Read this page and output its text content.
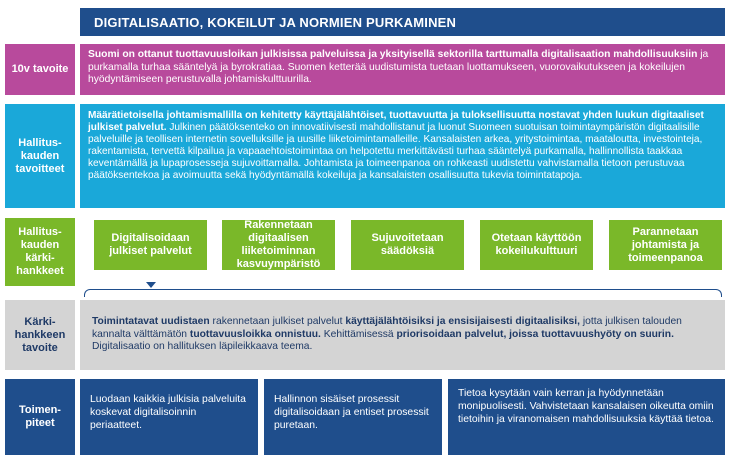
DIGITALISAATIO, KOKEILUT JA NORMIEN PURKAMINEN
10v tavoite
Suomi on ottanut tuottavuusloikan julkisissa palveluissa ja yksityisellä sektorilla tarttumalla digitalisaation mahdollisuuksiin ja purkamalla turhaa sääntelyä ja byrokratiaa. Suomen ketterää uudistumista tuetaan luottamukseen, vuorovaikutukseen ja kokeilujen hyödyntämiseen perustuvalla johtamiskulttuurilla.
Hallitus-kauden tavoitteet
Määrätietoisella johtamismallilla on kehitetty käyttäjälähtöiset, tuottavuutta ja tuloksellisuutta nostavat yhden luukun digitaaliset julkiset palvelut. Julkinen päätöksenteko on innovatiivisesti mahdollistanut ja luonut Suomeen suotuisan toimintaympäristön digitaalisille palveluille ja teollisen internetin sovelluksille ja uusille liiketoimintamalleille. Kansalaisten arkea, yritystoimintaa, maataloutta, investointeja, rakentamista, tervettä kilpailua ja vapaaehtoistoimintaa on helpotettu merkittävästi turhaa sääntelyä purkamalla, hallinnollista taakkaa keventämällä ja lupaprosesseja sujuvoittamalla. Johtamista ja toimeenpanoa on rohkeasti uudistettu vahvistamalla tietoon perustuvaa päätöksentekoa ja avoimuutta sekä hyödyntämällä kokeiluja ja kansalaisten osallisuutta tukevia toimintatapoja.
Hallitus-kauden kärki-hankkeet
Digitalisoidaan julkiset palvelut
Rakennetaan digitaalisen liiketoiminnan kasvuympäristö
Sujuvoitetaan säädöksiä
Otetaan käyttöön kokeilukulttuuri
Parannetaan johtamista ja toimeenpanoa
Kärki-hankkeen tavoite
Toimintatavat uudistaen rakennetaan julkiset palvelut käyttäjälähtöisiksi ja ensisijaisesti digitaalisiksi, jotta julkisen talouden kannalta välttämätön tuottavuusloikka onnistuu. Kehittämisessä priorisoidaan palvelut, joissa tuottavuushyöty on suurin. Digitalisaatio on hallituksen läpileikkaava teema.
Toimen-piteet
Luodaan kaikkia julkisia palveluita koskevat digitalisoinnin periaatteet.
Hallinnon sisäiset prosessit digitalisoidaan ja entiset prosessit puretaan.
Tietoa kysytään vain kerran ja hyödynnetään monipuolisesti. Vahvistetaan kansalaisen oikeutta omiin tietoihin ja viranomaisen mahdollisuuksia käyttää tietoa.
